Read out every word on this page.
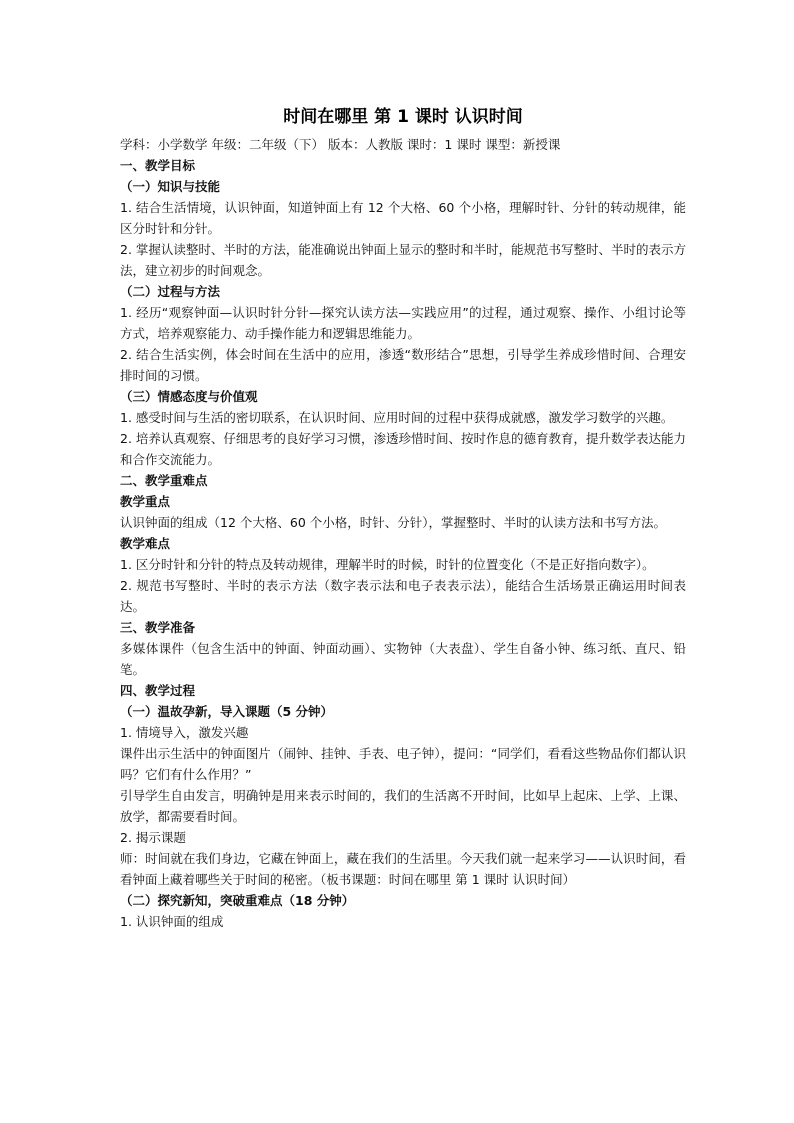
时间在哪里 第 1 课时 认识时间
学科：小学数学 年级：二年级（下） 版本：人教版 课时：1 课时 课型：新授课
一、教学目标
（一）知识与技能
1. 结合生活情境，认识钟面，知道钟面上有 12 个大格、60 个小格，理解时针、分针的转动规律，能区分时针和分针。
2. 掌握认读整时、半时的方法，能准确说出钟面上显示的整时和半时，能规范书写整时、半时的表示方法，建立初步的时间观念。
（二）过程与方法
1. 经历“观察钟面—认识时针分针—探究认读方法—实践应用”的过程，通过观察、操作、小组讨论等方式，培养观察能力、动手操作能力和逻辑思维能力。
2. 结合生活实例，体会时间在生活中的应用，渗透“数形结合”思想，引导学生养成珍惜时间、合理安排时间的习惯。
（三）情感态度与价值观
1. 感受时间与生活的密切联系，在认识时间、应用时间的过程中获得成就感，激发学习数学的兴趣。
2. 培养认真观察、仔细思考的良好学习习惯，渗透珍惜时间、按时作息的德育教育，提升数学表达能力和合作交流能力。
二、教学重难点
教学重点
认识钟面的组成（12 个大格、60 个小格，时针、分针），掌握整时、半时的认读方法和书写方法。
教学难点
1. 区分时针和分针的特点及转动规律，理解半时的时候，时针的位置变化（不是正好指向数字）。
2. 规范书写整时、半时的表示方法（数字表示法和电子表表示法），能结合生活场景正确运用时间表达。
三、教学准备
多媒体课件（包含生活中的钟面、钟面动画）、实物钟（大表盘）、学生自备小钟、练习纸、直尺、铅笔。
四、教学过程
（一）温故孕新，导入课题（5 分钟）
1. 情境导入，激发兴趣
课件出示生活中的钟面图片（闹钟、挂钟、手表、电子钟），提问：“同学们，看看这些物品你们都认识吗？它们有什么作用？”
引导学生自由发言，明确钟是用来表示时间的，我们的生活离不开时间，比如早上起床、上学、上课、放学，都需要看时间。
2. 揭示课题
师：时间就在我们身边，它藏在钟面上，藏在我们的生活里。今天我们就一起来学习——认识时间，看看钟面上藏着哪些关于时间的秘密。（板书课题：时间在哪里 第 1 课时 认识时间）
（二）探究新知，突破重难点（18 分钟）
1. 认识钟面的组成
